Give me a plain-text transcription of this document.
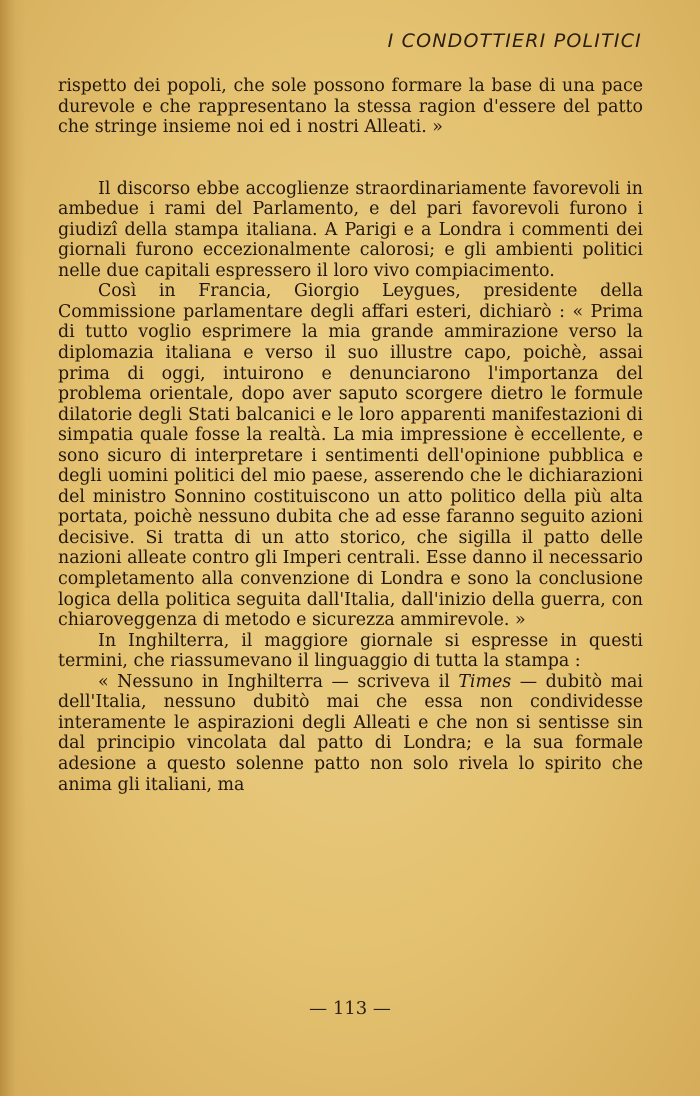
I CONDOTTIERI POLITICI

rispetto dei popoli, che sole possono formare la base di una pace durevole e che rappresentano la stessa ragion d'essere del patto che stringe insieme noi ed i nostri Alleati. »

Il discorso ebbe accoglienze straordinariamente favorevoli in ambedue i rami del Parlamento, e del pari favorevoli furono i giudizî della stampa italiana. A Parigi e a Londra i commenti dei giornali furono eccezionalmente calorosi; e gli ambienti politici nelle due capitali espressero il loro vivo compiacimento.

Così in Francia, Giorgio Leygues, presidente della Commissione parlamentare degli affari esteri, dichiarò : « Prima di tutto voglio esprimere la mia grande ammirazione verso la diplomazia italiana e verso il suo illustre capo, poichè, assai prima di oggi, intuirono e denunciarono l'importanza del problema orientale, dopo aver saputo scorgere dietro le formule dilatorie degli Stati balcanici e le loro apparenti manifestazioni di simpatia quale fosse la realtà. La mia impressione è eccellente, e sono sicuro di interpretare i sentimenti dell'opinione pubblica e degli uomini politici del mio paese, asserendo che le dichiarazioni del ministro Sonnino costituiscono un atto politico della più alta portata, poichè nessuno dubita che ad esse faranno seguito azioni decisive. Si tratta di un atto storico, che sigilla il patto delle nazioni alleate contro gli Imperi centrali. Esse danno il necessario completamento alla convenzione di Londra e sono la conclusione logica della politica seguita dall'Italia, dall'inizio della guerra, con chiaroveggenza di metodo e sicurezza ammirevole. »

In Inghilterra, il maggiore giornale si espresse in questi termini, che riassumevano il linguaggio di tutta la stampa :

« Nessuno in Inghilterra — scriveva il Times — dubitò mai dell'Italia, nessuno dubitò mai che essa non condividesse interamente le aspirazioni degli Alleati e che non si sentisse sin dal principio vincolata dal patto di Londra; e la sua formale adesione a questo solenne patto non solo rivela lo spirito che anima gli italiani, ma

— 113 —
